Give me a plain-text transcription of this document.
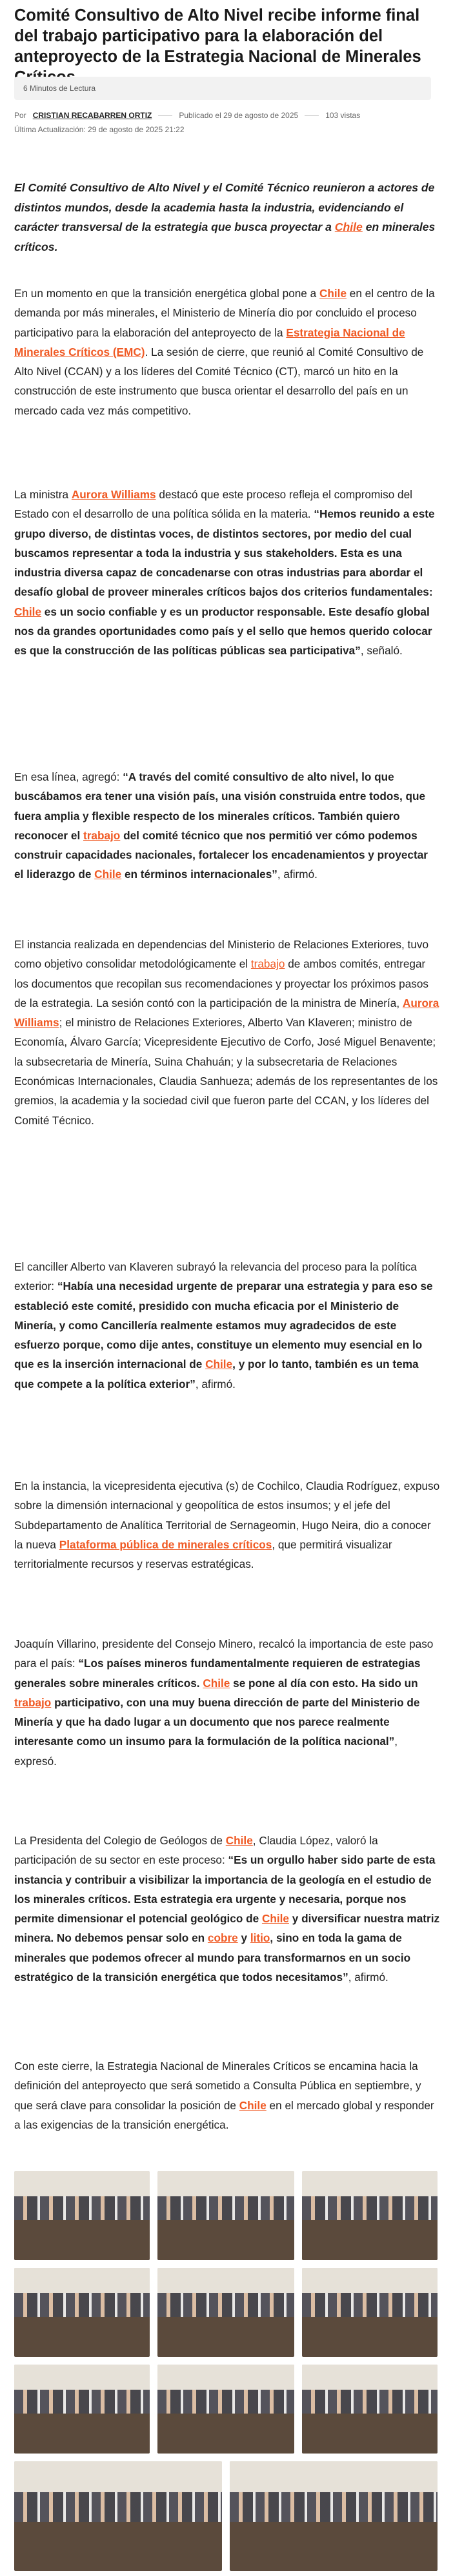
Comité Consultivo de Alto Nivel recibe informe final del trabajo participativo para la elaboración del anteproyecto de la Estrategia Nacional de Minerales
6 Minutos de Lectura
Por CRISTIAN RECABARREN ORTIZ	Publicado el 29 de agosto de 2025	103 vistas
Última Actualización: 29 de agosto de 2025 21:22

El Comité Consultivo de Alto Nivel y el Comité Técnico reunieron a actores de distintos mundos, desde la academia hasta la industria, evidenciando el carácter transversal de la estrategia que busca proyectar a Chile en minerales críticos.

En un momento en que la transición energética global pone a Chile en el centro de la demanda por más minerales, el Ministerio de Minería dio por concluido el proceso participativo para la elaboración del anteproyecto de la Estrategia Nacional de Minerales Críticos (EMC). La sesión de cierre, que reunió al Comité Consultivo de Alto Nivel (CCAN) y a los líderes del Comité Técnico (CT), marcó un hito en la construcción de este instrumento que busca orientar el desarrollo del país en un mercado cada vez más competitivo.

La ministra Aurora Williams destacó que este proceso refleja el compromiso del Estado con el desarrollo de una política sólida en la materia. “Hemos reunido a este grupo diverso, de distintas voces, de distintos sectores, por medio del cual buscamos representar a toda la industria y sus stakeholders. Esta es una industria diversa capaz de concadenarse con otras industrias para abordar el desafío global de proveer minerales críticos bajos dos criterios fundamentales: Chile es un socio confiable y es un productor responsable. Este desafío global nos da grandes oportunidades como país y el sello que hemos querido colocar es que la construcción de las políticas públicas sea participativa”, señaló.

En esa línea, agregó: “A través del comité consultivo de alto nivel, lo que buscábamos era tener una visión país, una visión construida entre todos, que fuera amplia y flexible respecto de los minerales críticos. También quiero reconocer el trabajo del comité técnico que nos permitió ver cómo podemos construir capacidades nacionales, fortalecer los encadenamientos y proyectar el liderazgo de Chile en términos internacionales”, afirmó.

El instancia realizada en dependencias del Ministerio de Relaciones Exteriores, tuvo como objetivo consolidar metodológicamente el trabajo de ambos comités, entregar los documentos que recopilan sus recomendaciones y proyectar los próximos pasos de la estrategia. La sesión contó con la participación de la ministra de Minería, Aurora Williams; el ministro de Relaciones Exteriores, Alberto Van Klaveren; ministro de Economía, Álvaro García; Vicepresidente Ejecutivo de Corfo, José Miguel Benavente; la subsecretaria de Minería, Suina Chahuán; y la subsecretaria de Relaciones Económicas Internacionales, Claudia Sanhueza; además de los representantes de los gremios, la academia y la sociedad civil que fueron parte del CCAN, y los líderes del Comité Técnico.

El canciller Alberto van Klaveren subrayó la relevancia del proceso para la política exterior: “Había una necesidad urgente de preparar una estrategia y para eso se estableció este comité, presidido con mucha eficacia por el Ministerio de Minería, y como Cancillería realmente estamos muy agradecidos de este esfuerzo porque, como dije antes, constituye un elemento muy esencial en lo que es la inserción internacional de Chile, y por lo tanto, también es un tema que compete a la política exterior”, afirmó.

En la instancia, la vicepresidenta ejecutiva (s) de Cochilco, Claudia Rodríguez, expuso sobre la dimensión internacional y geopolítica de estos insumos; y el jefe del Subdepartamento de Analítica Territorial de Sernageomin, Hugo Neira, dio a conocer la nueva Plataforma pública de minerales críticos, que permitirá visualizar territorialmente recursos y reservas estratégicas.

Joaquín Villarino, presidente del Consejo Minero, recalcó la importancia de este paso para el país: “Los países mineros fundamentalmente requieren de estrategias generales sobre minerales críticos. Chile se pone al día con esto. Ha sido un trabajo participativo, con una muy buena dirección de parte del Ministerio de Minería y que ha dado lugar a un documento que nos parece realmente interesante como un insumo para la formulación de la política nacional”, expresó.

La Presidenta del Colegio de Geólogos de Chile, Claudia López, valoró la participación de su sector en este proceso: “Es un orgullo haber sido parte de esta instancia y contribuir a visibilizar la importancia de la geología en el estudio de los minerales críticos. Esta estrategia era urgente y necesaria, porque nos permite dimensionar el potencial geológico de Chile y diversificar nuestra matriz minera. No debemos pensar solo en cobre y litio, sino en toda la gama de minerales que podemos ofrecer al mundo para transformarnos en un socio estratégico de la transición energética que todos necesitamos”, afirmó.

Con este cierre, la Estrategia Nacional de Minerales Críticos se encamina hacia la definición del anteproyecto que será sometido a Consulta Pública en septiembre, y que será clave para consolidar la posición de Chile en el mercado global y responder a las exigencias de la transición energética.
